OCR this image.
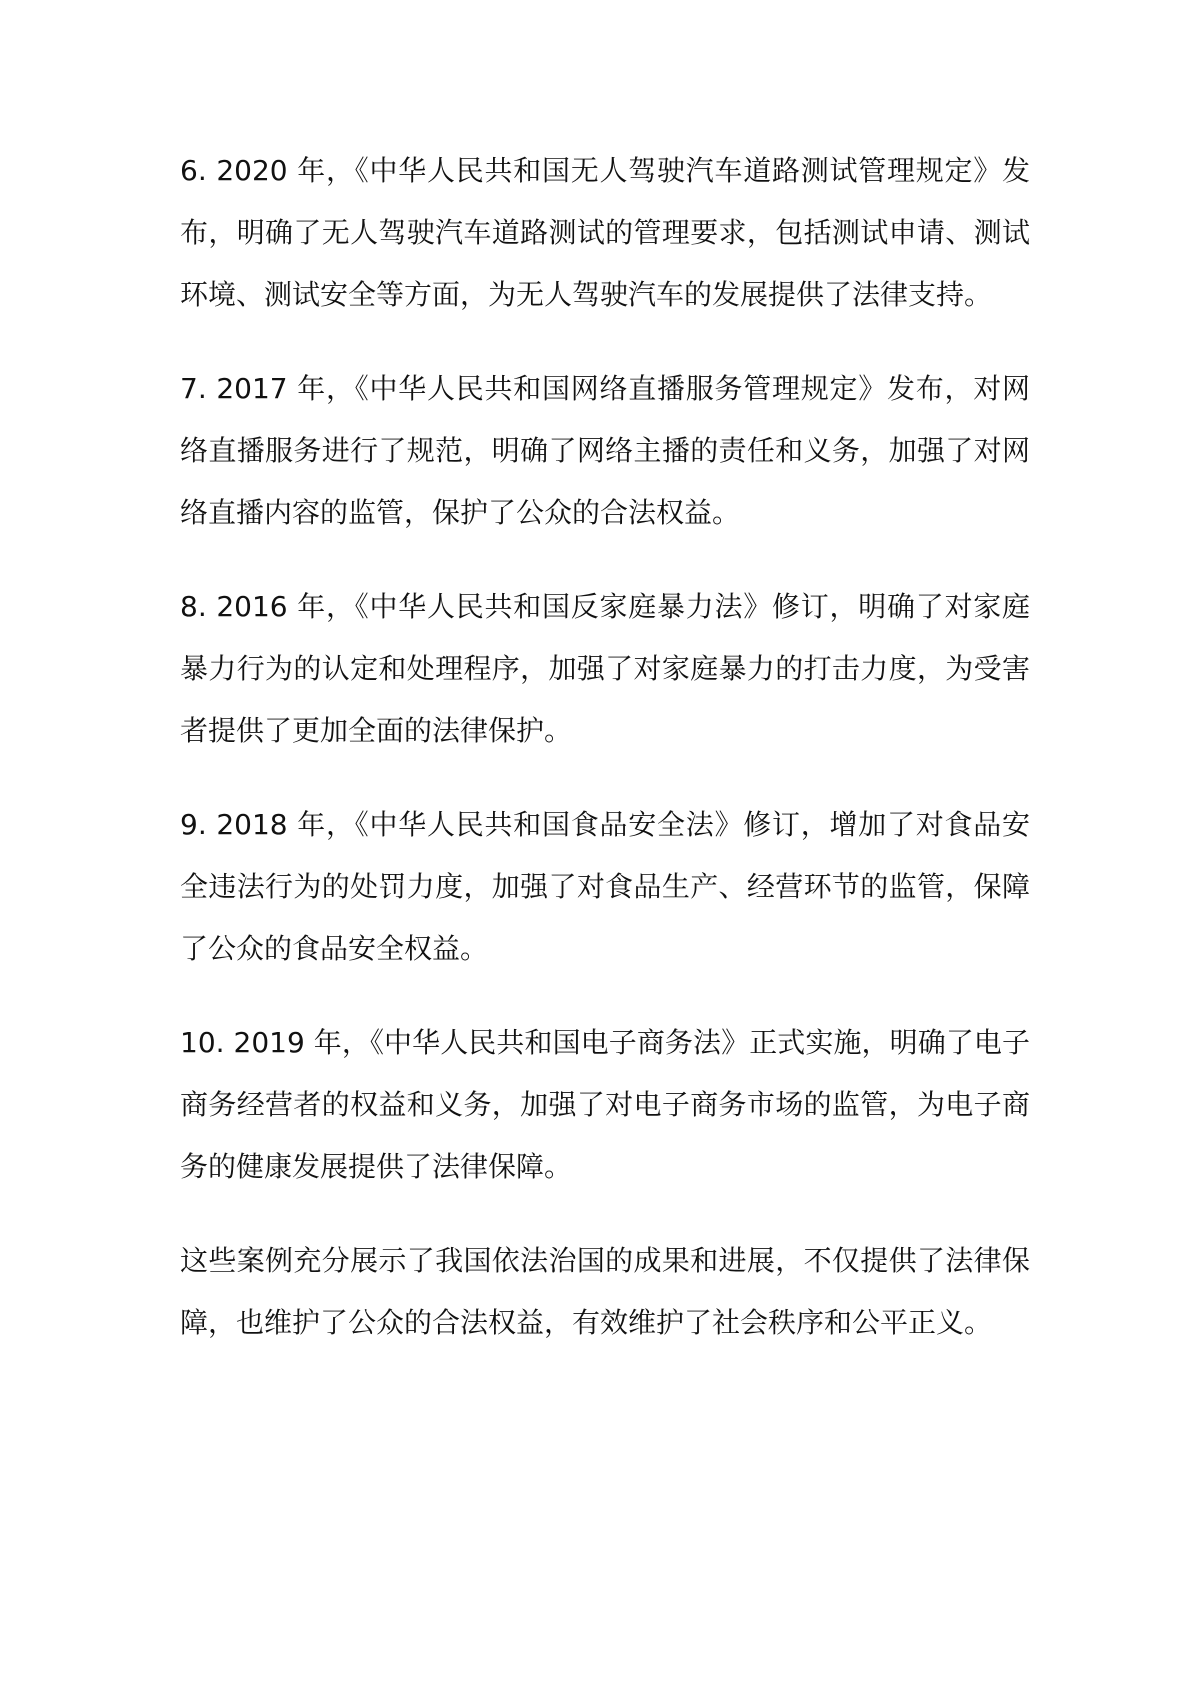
6. 2020 年，《中华人民共和国无人驾驶汽车道路测试管理规定》发布，明确了无人驾驶汽车道路测试的管理要求，包括测试申请、测试环境、测试安全等方面，为无人驾驶汽车的发展提供了法律支持。

7. 2017 年，《中华人民共和国网络直播服务管理规定》发布，对网络直播服务进行了规范，明确了网络主播的责任和义务，加强了对网络直播内容的监管，保护了公众的合法权益。

8. 2016 年，《中华人民共和国反家庭暴力法》修订，明确了对家庭暴力行为的认定和处理程序，加强了对家庭暴力的打击力度，为受害者提供了更加全面的法律保护。

9. 2018 年，《中华人民共和国食品安全法》修订，增加了对食品安全违法行为的处罚力度，加强了对食品生产、经营环节的监管，保障了公众的食品安全权益。

10. 2019 年，《中华人民共和国电子商务法》正式实施，明确了电子商务经营者的权益和义务，加强了对电子商务市场的监管，为电子商务的健康发展提供了法律保障。

这些案例充分展示了我国依法治国的成果和进展，不仅提供了法律保障，也维护了公众的合法权益，有效维护了社会秩序和公平正义。
